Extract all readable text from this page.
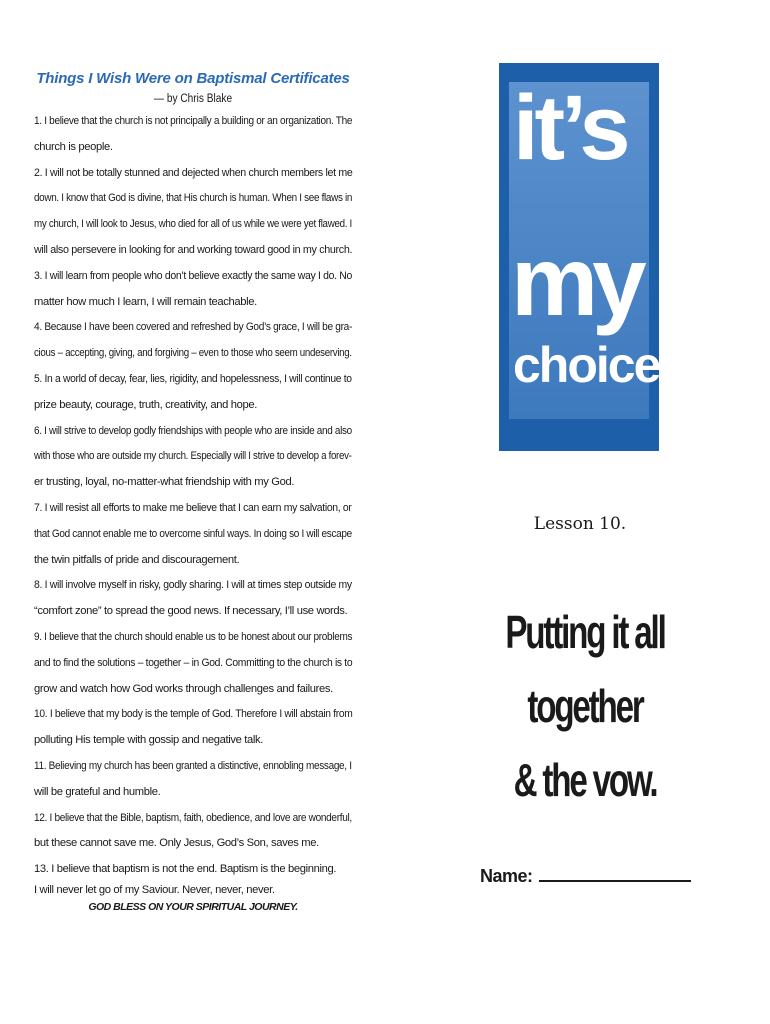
Things I Wish Were on Baptismal Certificates

— by Chris Blake

1. I believe that the church is not principally a building or an organization. The

church is people.

2. I will not be totally stunned and dejected when church members let me

down. I know that God is divine, that His church is human. When I see flaws in

my church, I will look to Jesus, who died for all of us while we were yet flawed. I

will also persevere in looking for and working toward good in my church.

3. I will learn from people who don’t believe exactly the same way I do. No

matter how much I learn, I will remain teachable.

4. Because I have been covered and refreshed by God’s grace, I will be gra-

cious – accepting, giving, and forgiving – even to those who seem undeserving.

5. In a world of decay, fear, lies, rigidity, and hopelessness, I will continue to

prize beauty, courage, truth, creativity, and hope.

6. I will strive to develop godly friendships with people who are inside and also

with those who are outside my church. Especially will I strive to develop a forev-

er trusting, loyal, no-matter-what friendship with my God.

7. I will resist all efforts to make me believe that I can earn my salvation, or

that God cannot enable me to overcome sinful ways. In doing so I will escape

the twin pitfalls of pride and discouragement.

8. I will involve myself in risky, godly sharing. I will at times step outside my

“comfort zone” to spread the good news. If necessary, I’ll use words.

9. I believe that the church should enable us to be honest about our problems

and to find the solutions – together – in God. Committing to the church is to

grow and watch how God works through challenges and failures.

10. I believe that my body is the temple of God. Therefore I will abstain from

polluting His temple with gossip and negative talk.

11. Believing my church has been granted a distinctive, ennobling message, I

will be grateful and humble.

12. I believe that the Bible, baptism, faith, obedience, and love are wonderful,

but these cannot save me. Only Jesus, God’s Son, saves me.

13. I believe that baptism is not the end. Baptism is the beginning.

I will never let go of my Saviour. Never, never, never.

GOD BLESS ON YOUR SPIRITUAL JOURNEY.

it’s

my

choice

Lesson 10.

Putting it all together
& the vow.

Name:
